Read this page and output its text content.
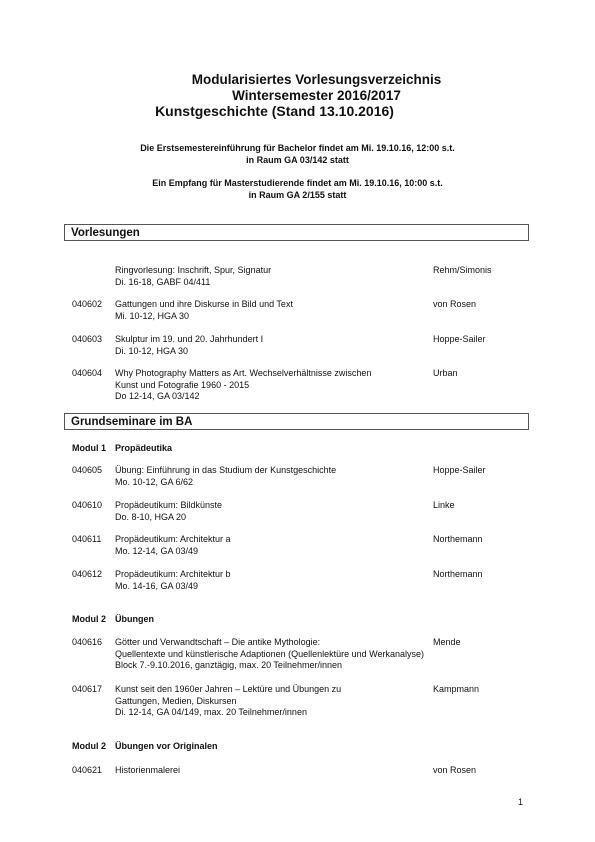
Modularisiertes Vorlesungsverzeichnis
Wintersemester 2016/2017
Kunstgeschichte (Stand 13.10.2016)
Die Erstsemestereinführung für Bachelor findet am Mi. 19.10.16, 12:00 s.t.
in Raum GA 03/142 statt
Ein Empfang für Masterstudierende findet am Mi. 19.10.16, 10:00 s.t.
in Raum GA 2/155 statt
Vorlesungen
Ringvorlesung: Inschrift, Spur, Signatur
Di. 16-18, GABF 04/411
Rehm/Simonis
040602 Gattungen und ihre Diskurse in Bild und Text
Mi. 10-12, HGA 30
von Rosen
040603 Skulptur im 19. und 20. Jahrhundert I
Di. 10-12, HGA 30
Hoppe-Sailer
040604 Why Photography Matters as Art. Wechselverhältnisse zwischen
Kunst und Fotografie 1960 - 2015
Do 12-14, GA 03/142
Urban
Grundseminare im BA
Modul 1 Propädeutika
040605 Übung: Einführung in das Studium der Kunstgeschichte
Mo. 10-12, GA 6/62
Hoppe-Sailer
040610 Propädeutikum: Bildkünste
Do. 8-10, HGA 20
Linke
040611 Propädeutikum: Architektur a
Mo. 12-14, GA 03/49
Northemann
040612 Propädeutikum: Architektur b
Mo. 14-16, GA 03/49
Northemann
Modul 2 Übungen
040616 Götter und Verwandtschaft – Die antike Mythologie:
Quellentexte und künstlerische Adaptionen (Quellenlektüre und Werkanalyse)
Block 7.-9.10.2016, ganztägig, max. 20 Teilnehmer/innen
Mende
040617 Kunst seit den 1960er Jahren – Lektüre und Übungen zu
Gattungen, Medien, Diskursen
Di. 12-14, GA 04/149, max. 20 Teilnehmer/innen
Kampmann
Modul 2 Übungen vor Originalen
040621 Historienmalerei	von Rosen
1
